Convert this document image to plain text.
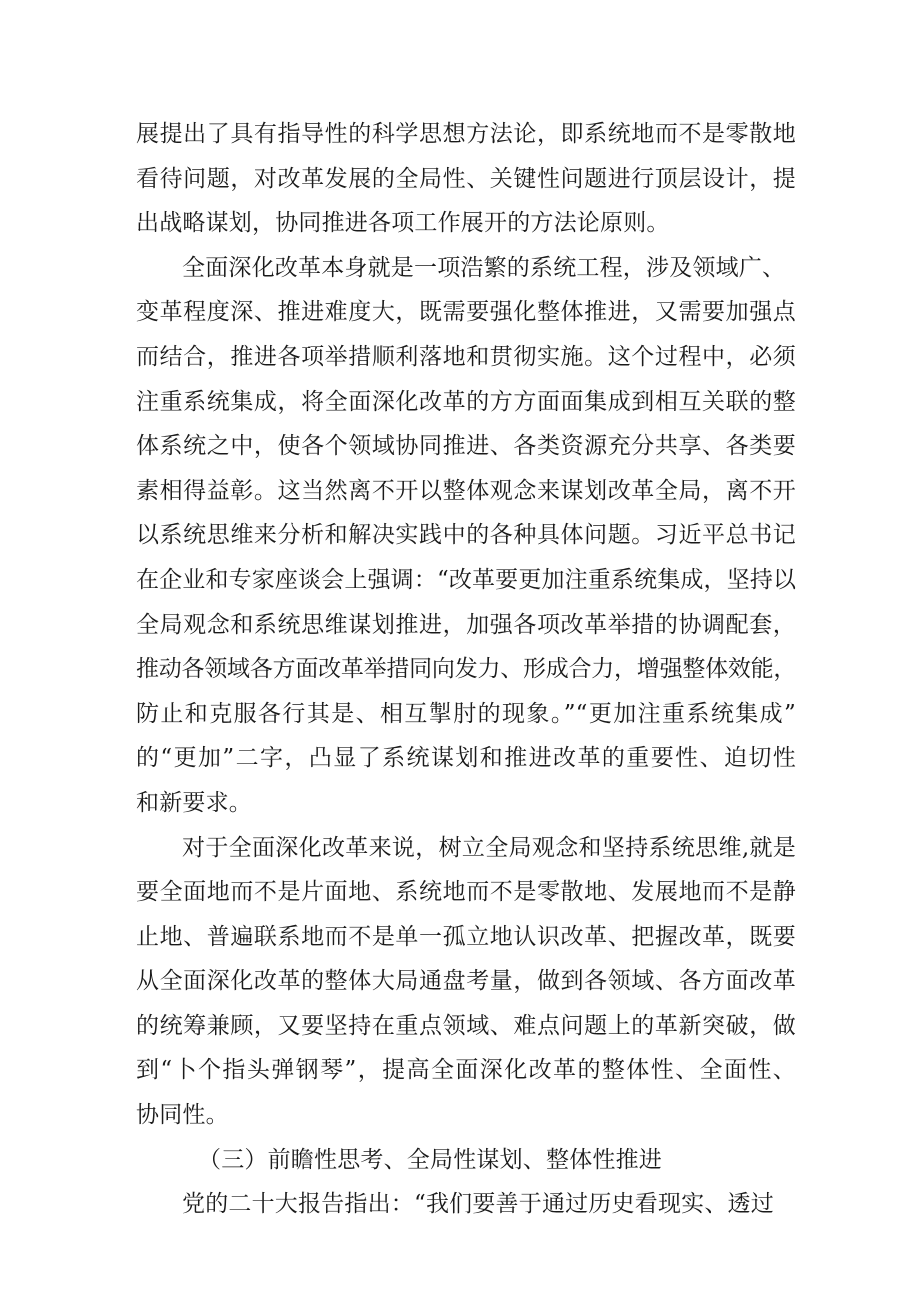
展提出了具有指导性的科学思想方法论，即系统地而不是零散地
看待问题，对改革发展的全局性、关键性问题进行顶层设计，提
出战略谋划，协同推进各项工作展开的方法论原则。
全面深化改革本身就是一项浩繁的系统工程，涉及领域广、
变革程度深、推进难度大，既需要强化整体推进，又需要加强点
而结合，推进各项举措顺利落地和贯彻实施。这个过程中，必须
注重系统集成，将全面深化改革的方方面面集成到相互关联的整
体系统之中，使各个领域协同推进、各类资源充分共享、各类要
素相得益彰。这当然离不开以整体观念来谋划改革全局，离不开
以系统思维来分析和解决实践中的各种具体问题。习近平总书记
在企业和专家座谈会上强调：“改革要更加注重系统集成，坚持以
全局观念和系统思维谋划推进，加强各项改革举措的协调配套，
推动各领域各方面改革举措同向发力、形成合力，增强整体效能，
防止和克服各行其是、相互掣肘的现象。”“更加注重系统集成”
的“更加”二字，凸显了系统谋划和推进改革的重要性、迫切性
和新要求。
对于全面深化改革来说，树立全局观念和坚持系统思维,就是
要全面地而不是片面地、系统地而不是零散地、发展地而不是静
止地、普遍联系地而不是单一孤立地认识改革、把握改革，既要
从全面深化改革的整体大局通盘考量，做到各领域、各方面改革
的统筹兼顾，又要坚持在重点领域、难点问题上的革新突破，做
到“卜个指头弹钢琴”，提高全面深化改革的整体性、全面性、
协同性。
（三）前瞻性思考、全局性谋划、整体性推进
党的二十大报告指出：“我们要善于通过历史看现实、透过
